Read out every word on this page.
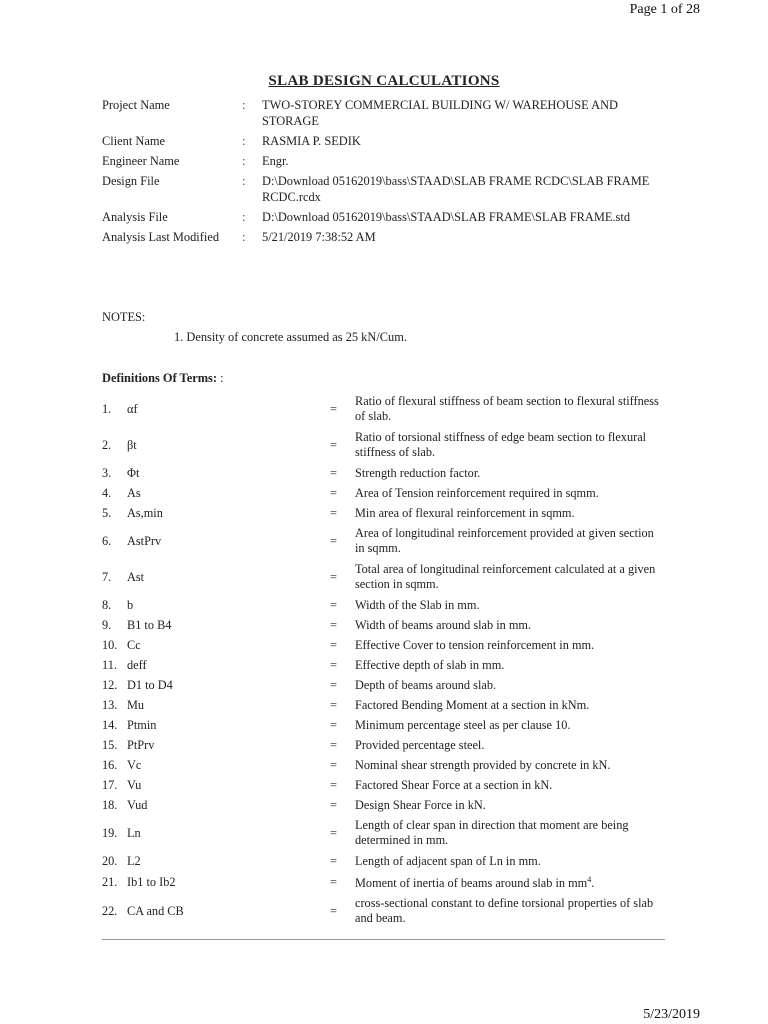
Page 1 of 28
SLAB DESIGN CALCULATIONS
Project Name	:	TWO-STOREY COMMERCIAL BUILDING W/ WAREHOUSE AND STORAGE
Client Name	:	RASMIA P. SEDIK
Engineer Name	:	Engr.
Design File	:	D:\Download 05162019\bass\STAAD\SLAB FRAME RCDC\SLAB FRAME RCDC.rcdx
Analysis File	:	D:\Download 05162019\bass\STAAD\SLAB FRAME\SLAB FRAME.std
Analysis Last Modified	:	5/21/2019 7:38:52 AM
NOTES:
1. Density of concrete assumed as 25 kN/Cum.
Definitions Of Terms: :
1.	αf	=
Ratio of flexural stiffness of beam section to flexural stiffness of slab.
2.	βt	=
Ratio of torsional stiffness of edge beam section to flexural stiffness of slab.
3.	Φt	=	Strength reduction factor.
4.	As	=	Area of Tension reinforcement required in sqmm.
5.	As,min	=	Min area of flexural reinforcement in sqmm.
6.	AstPrv	=
Area of longitudinal reinforcement provided at given section in sqmm.
7.	Ast	=
Total area of longitudinal reinforcement calculated at a given section in sqmm.
8.	b	=	Width of the Slab in mm.
9.	B1 to B4	=	Width of beams around slab in mm.
10. Cc	=	Effective Cover to tension reinforcement in mm.
11. deff	=	Effective depth of slab in mm.
12. D1 to D4	=	Depth of beams around slab.
13. Mu	=	Factored Bending Moment at a section in kNm.
14. Ptmin	=	Minimum percentage steel as per clause 10.
15. PtPrv	=	Provided percentage steel.
16. Vc	=	Nominal shear strength provided by concrete in kN.
17. Vu	=	Factored Shear Force at a section in kN.
18. Vud	=	Design Shear Force in kN.
19. Ln	=
Length of clear span in direction that moment are being determined in mm.
20. L2	=	Length of adjacent span of Ln in mm.
21. Ib1 to Ib2	=	Moment of inertia of beams around slab in $mm^4$.
22. CA and CB	=
cross-sectional constant to define torsional properties of slab and beam.
5/23/2019
